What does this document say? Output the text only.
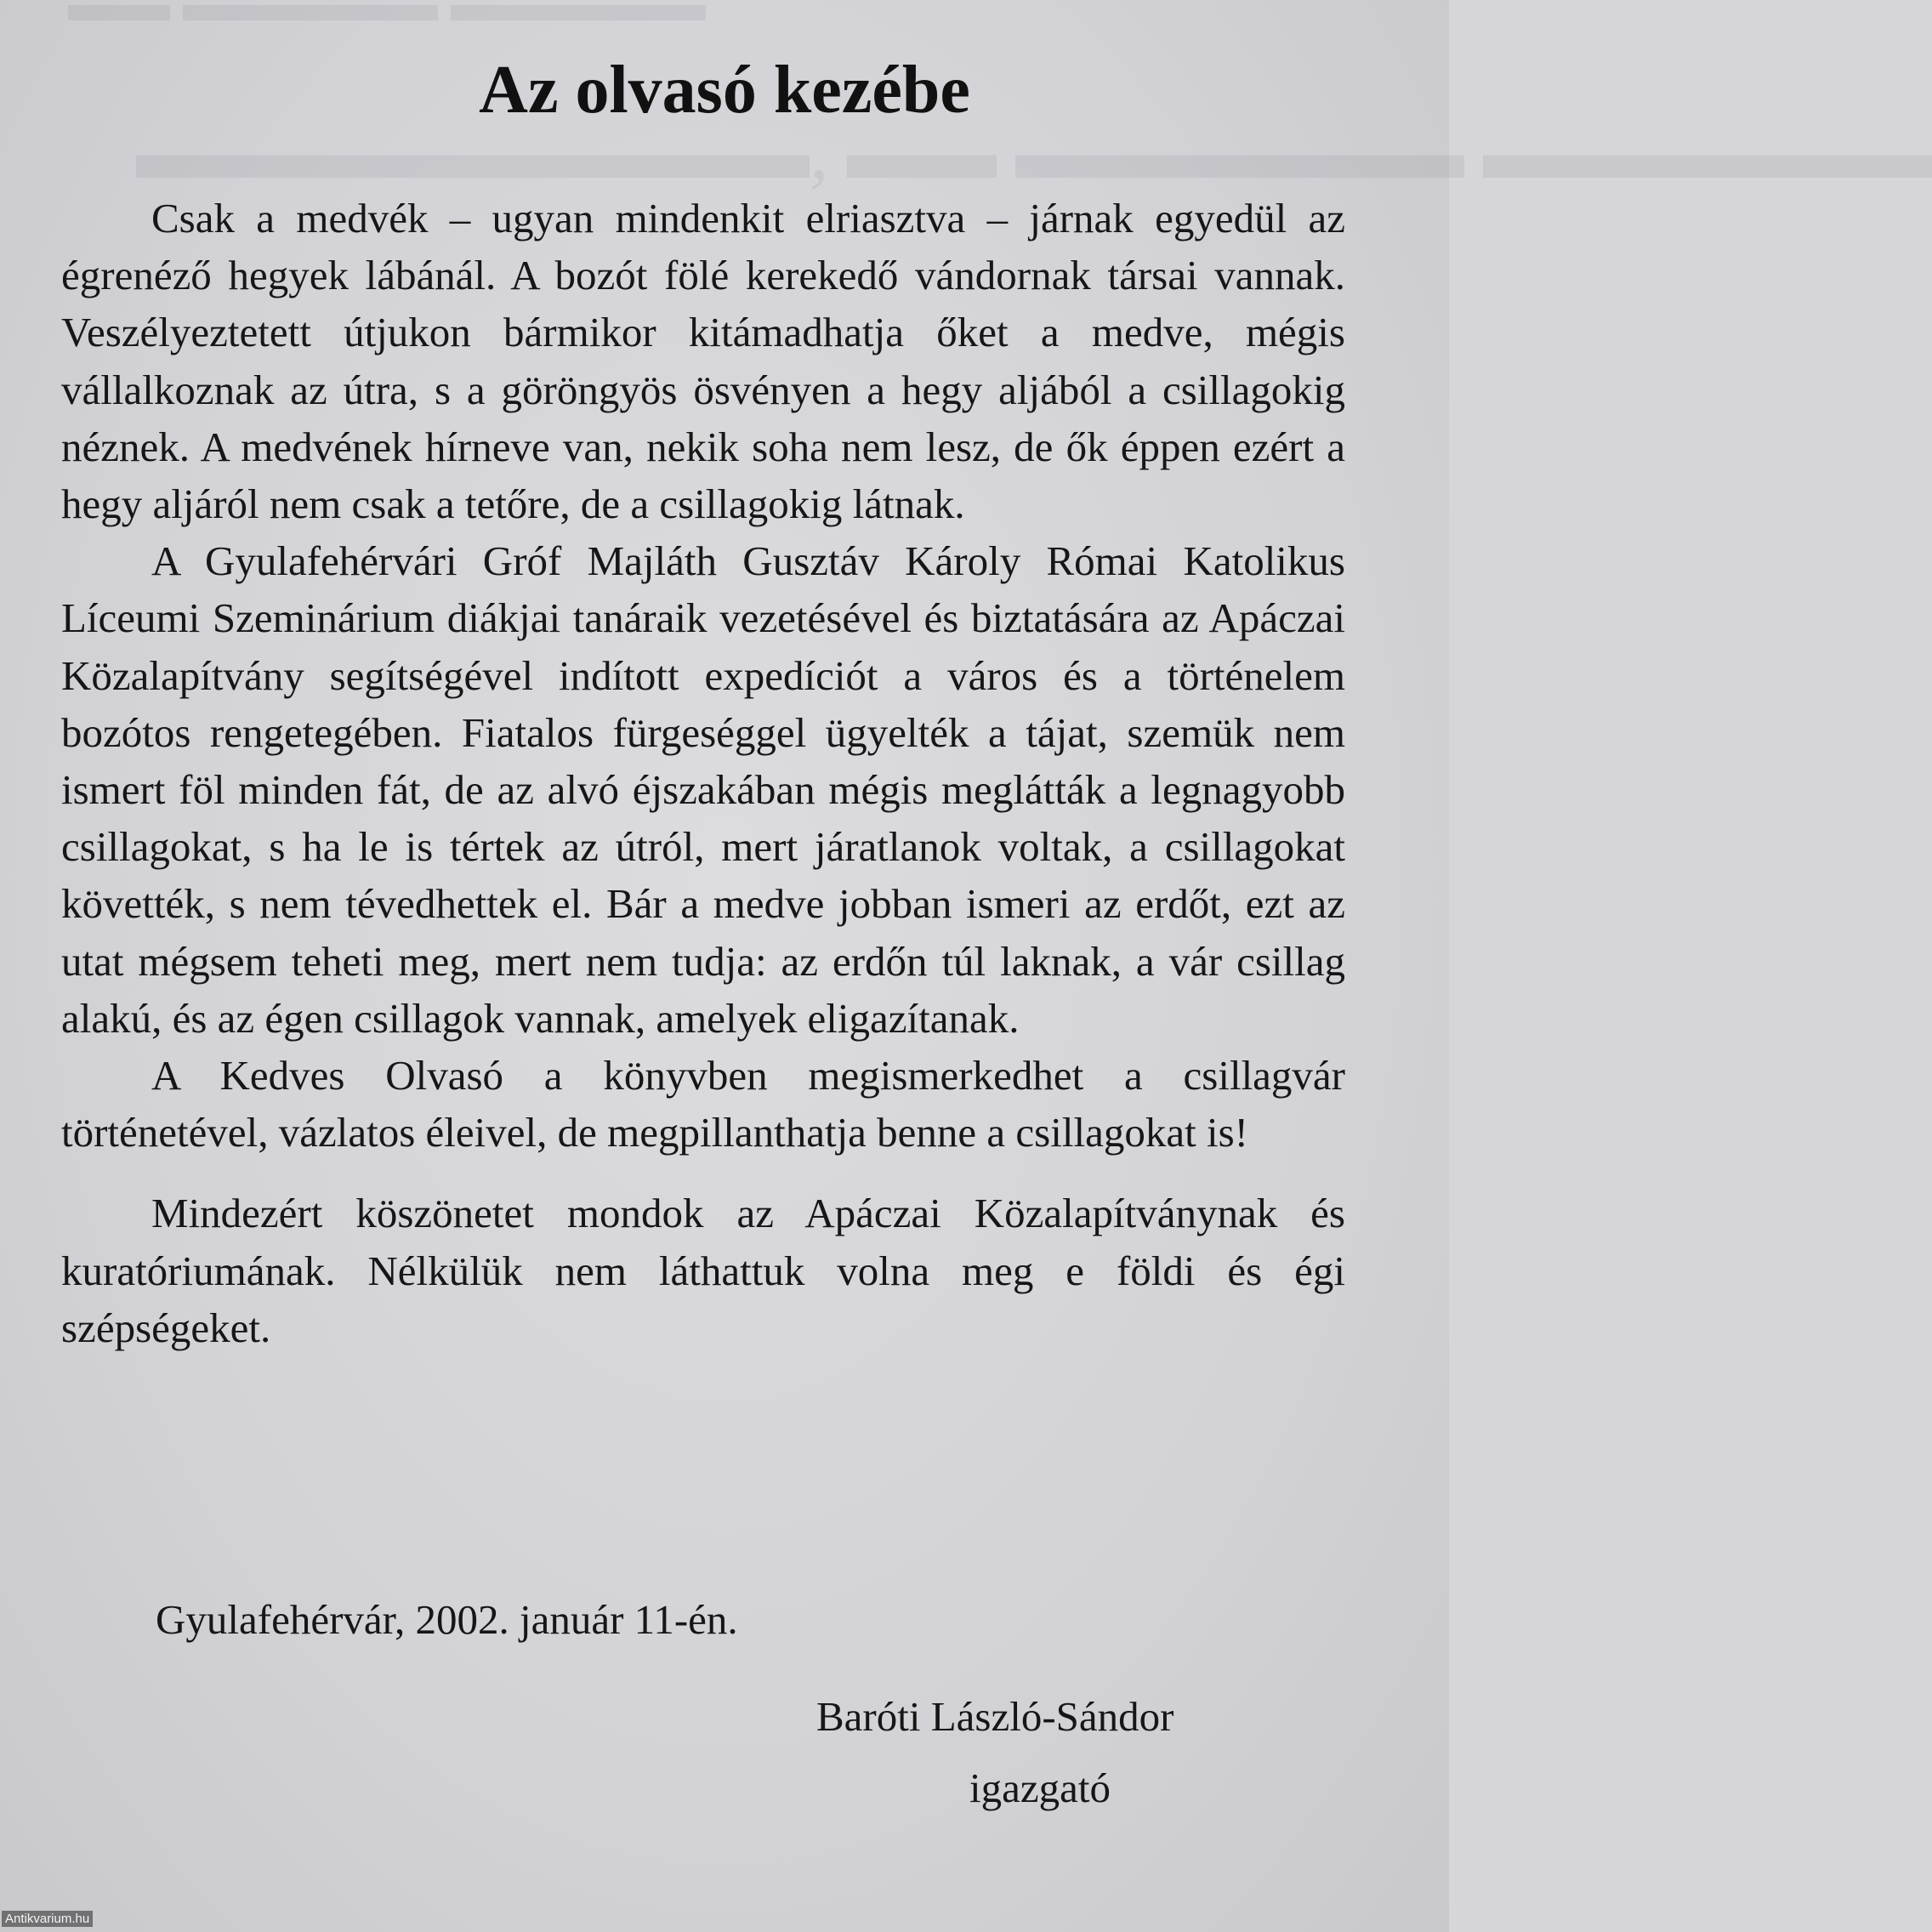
▬▬ ▬▬▬▬▬ ▬▬▬▬▬
▬▬▬▬▬▬▬▬▬, ▬▬ ▬▬▬▬▬▬ ▬▬▬▬▬▬
Az olvasó kezébe

Csak a medvék – ugyan mindenkit elriasztva – járnak egyedül az égrenéző hegyek lábánál. A bozót fölé kerekedő vándornak társai vannak. Veszélyeztetett útjukon bármikor kitámadhatja őket a medve, mégis vállalkoznak az útra, s a göröngyös ösvényen a hegy aljából a csillagokig néznek. A medvének hírneve van, nekik soha nem lesz, de ők éppen ezért a hegy aljáról nem csak a tetőre, de a csillagokig látnak.

A Gyulafehérvári Gróf Majláth Gusztáv Károly Római Katolikus Líceumi Szeminárium diákjai tanáraik vezetésével és biztatására az Apáczai Közalapítvány segítségével indított expedíciót a város és a történelem bozótos rengetegében. Fiatalos fürgeséggel ügyelték a tájat, szemük nem ismert föl minden fát, de az alvó éjszakában mégis meglátták a legnagyobb csillagokat, s ha le is tértek az útról, mert járatlanok voltak, a csillagokat követték, s nem tévedhettek el. Bár a medve jobban ismeri az erdőt, ezt az utat mégsem teheti meg, mert nem tudja: az erdőn túl laknak, a vár csillag alakú, és az égen csillagok vannak, amelyek eligazítanak.

A Kedves Olvasó a könyvben megismerkedhet a csillagvár történetével, vázlatos éleivel, de megpillanthatja benne a csillagokat is!

Mindezért köszönetet mondok az Apáczai Közalapítványnak és kuratóriumának. Nélkülük nem láthattuk volna meg e földi és égi szépségeket.

Gyulafehérvár, 2002. január 11-én.

Baróti László-Sándor

igazgató

Antikvarium.hu
